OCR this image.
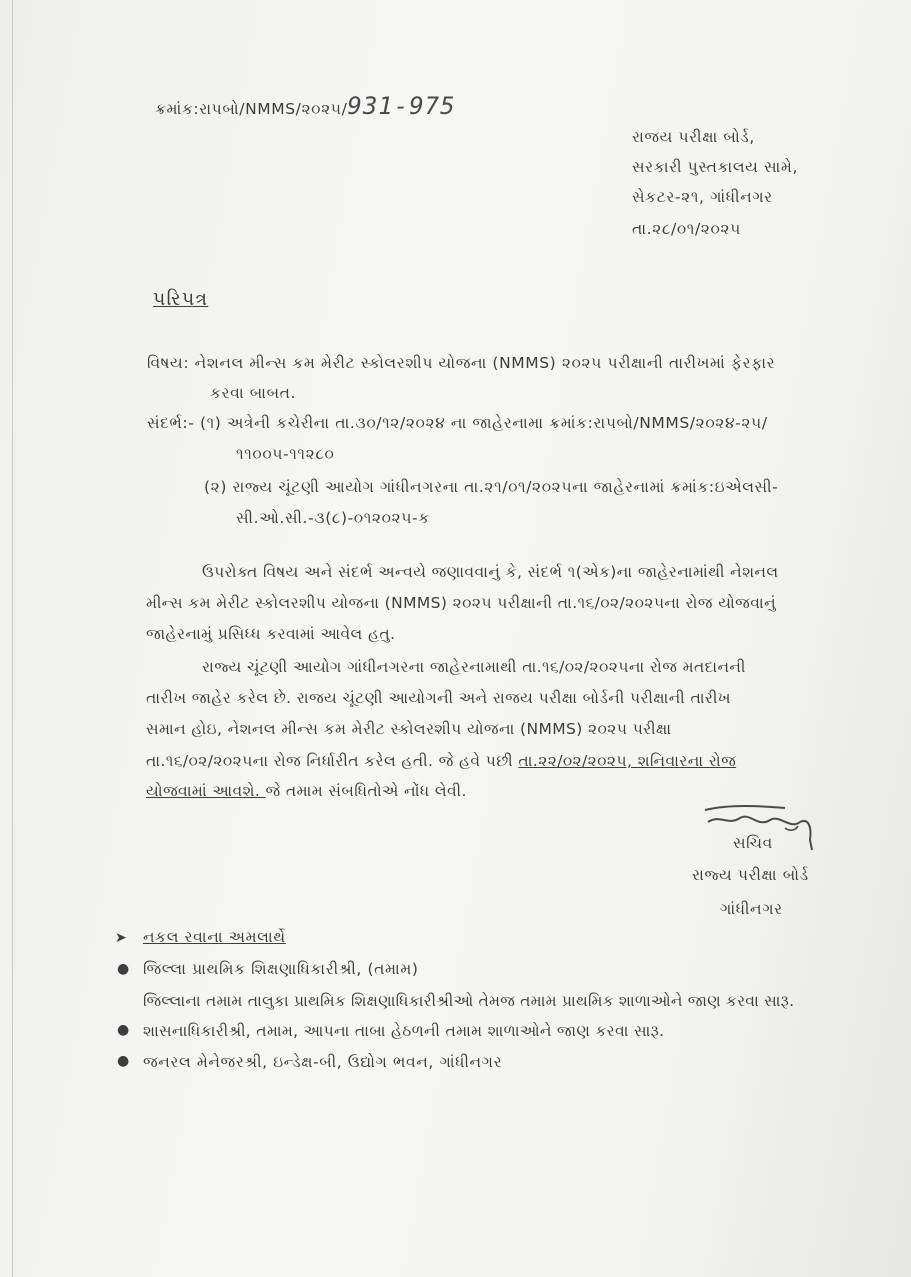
ક્રમાંક:રાપબો/NMMS/૨૦૨૫/931-975
રાજય પરીક્ષા બોર્ડ,
સરકારી પુસ્તકાલય સામે,
સેકટર-૨૧, ગાંધીનગર
તા.૨૮/૦૧/૨૦૨૫
પરિપત્ર
વિષય: નેશનલ મીન્સ કમ મેરીટ સ્કોલરશીપ યોજના (NMMS) ૨૦૨૫ પરીક્ષાની તારીખમાં ફેરફાર
કરવા બાબત.
સંદર્ભ:- (૧) અત્રેની કચેરીના તા.૩૦/૧૨/૨૦૨૪ ના જાહેરનામા ક્રમાંક:રાપબો/NMMS/૨૦૨૪-૨૫/
૧૧૦૦૫-૧૧૨૮૦
(૨) રાજ્ય ચૂંટણી આયોગ ગાંધીનગરના તા.૨૧/૦૧/૨૦૨૫ના જાહેરનામાં ક્રમાંક:ઇએલસી-
સી.ઓ.સી.-૩(૮)-૦૧૨૦૨૫-ક
ઉપરોક્ત વિષય અને સંદર્ભ અન્વયે જણાવવાનું કે, સંદર્ભ ૧(એક)ના જાહેરનામાંથી નેશનલ
મીન્સ કમ મેરીટ સ્કોલરશીપ યોજના (NMMS) ૨૦૨૫ પરીક્ષાની તા.૧૬/૦૨/૨૦૨૫ના રોજ યોજવાનું
જાહેરનામું પ્રસિધ્ધ કરવામાં આવેલ હતુ.
રાજ્ય ચૂંટણી આયોગ ગાંધીનગરના જાહેરનામાથી તા.૧૬/૦૨/૨૦૨૫ના રોજ મતદાનની
તારીખ જાહેર કરેલ છે. રાજય ચૂંટણી આયોગની અને રાજય પરીક્ષા બોર્ડની પરીક્ષાની તારીખ
સમાન હોઇ, નેશનલ મીન્સ કમ મેરીટ સ્કોલરશીપ યોજના (NMMS) ૨૦૨૫ પરીક્ષા
તા.૧૬/૦૨/૨૦૨૫ના રોજ નિર્ધારીત કરેલ હતી. જે હવે પછી તા.૨૨/૦૨/૨૦૨૫, શનિવારના રોજ
યોજવામાં આવશે. જે તમામ સંબધિતોએ નોંધ લેવી.
સચિવ
રાજ્ય પરીક્ષા બોર્ડ
ગાંધીનગર
➤ નકલ રવાના અમલાર્થે
● જિલ્લા પ્રાથમિક શિક્ષણાધિકારીશ્રી, (તમામ)
જિલ્લાના તમામ તાલુકા પ્રાથમિક શિક્ષણાધિકારીશ્રીઓ તેમજ તમામ પ્રાથમિક શાળાઓને જાણ કરવા સારૂ.
● શાસનાધિકારીશ્રી, તમામ, આપના તાબા હેઠળની તમામ શાળાઓને જાણ કરવા સારૂ.
● જનરલ મેનેજરશ્રી, ઇન્ડેક્ષ-બી, ઉદ્યોગ ભવન, ગાંધીનગર
